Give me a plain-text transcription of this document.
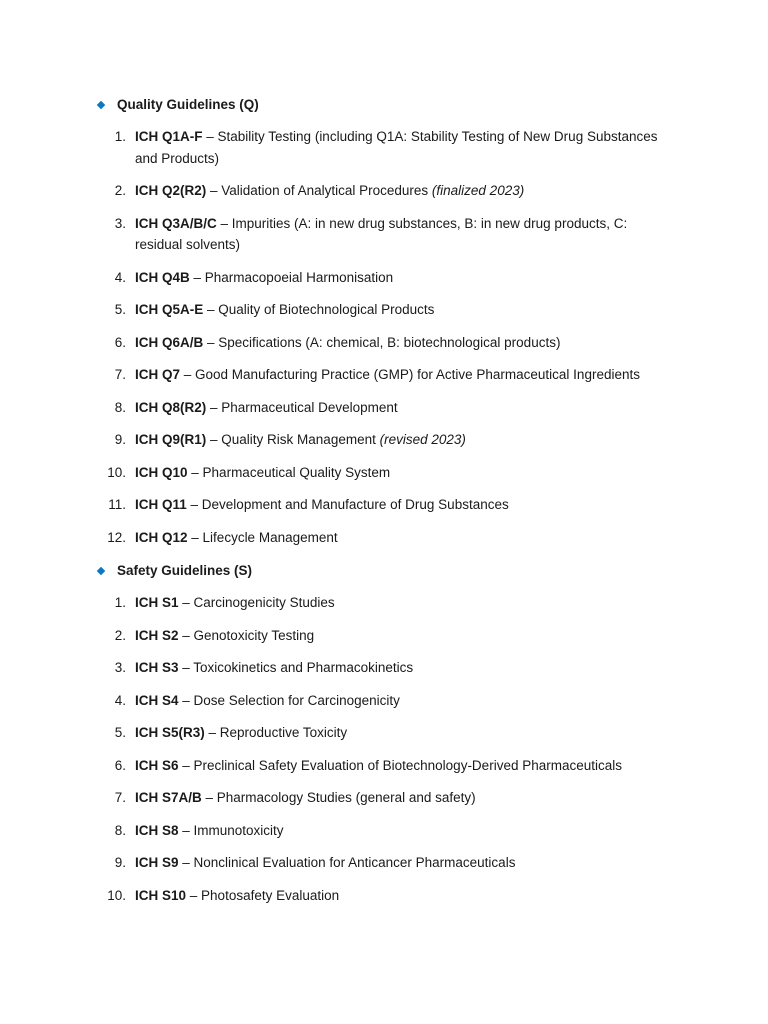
Quality Guidelines (Q)
1. ICH Q1A-F – Stability Testing (including Q1A: Stability Testing of New Drug Substances and Products)
2. ICH Q2(R2) – Validation of Analytical Procedures (finalized 2023)
3. ICH Q3A/B/C – Impurities (A: in new drug substances, B: in new drug products, C: residual solvents)
4. ICH Q4B – Pharmacopoeial Harmonisation
5. ICH Q5A-E – Quality of Biotechnological Products
6. ICH Q6A/B – Specifications (A: chemical, B: biotechnological products)
7. ICH Q7 – Good Manufacturing Practice (GMP) for Active Pharmaceutical Ingredients
8. ICH Q8(R2) – Pharmaceutical Development
9. ICH Q9(R1) – Quality Risk Management (revised 2023)
10. ICH Q10 – Pharmaceutical Quality System
11. ICH Q11 – Development and Manufacture of Drug Substances
12. ICH Q12 – Lifecycle Management
Safety Guidelines (S)
1. ICH S1 – Carcinogenicity Studies
2. ICH S2 – Genotoxicity Testing
3. ICH S3 – Toxicokinetics and Pharmacokinetics
4. ICH S4 – Dose Selection for Carcinogenicity
5. ICH S5(R3) – Reproductive Toxicity
6. ICH S6 – Preclinical Safety Evaluation of Biotechnology-Derived Pharmaceuticals
7. ICH S7A/B – Pharmacology Studies (general and safety)
8. ICH S8 – Immunotoxicity
9. ICH S9 – Nonclinical Evaluation for Anticancer Pharmaceuticals
10. ICH S10 – Photosafety Evaluation
